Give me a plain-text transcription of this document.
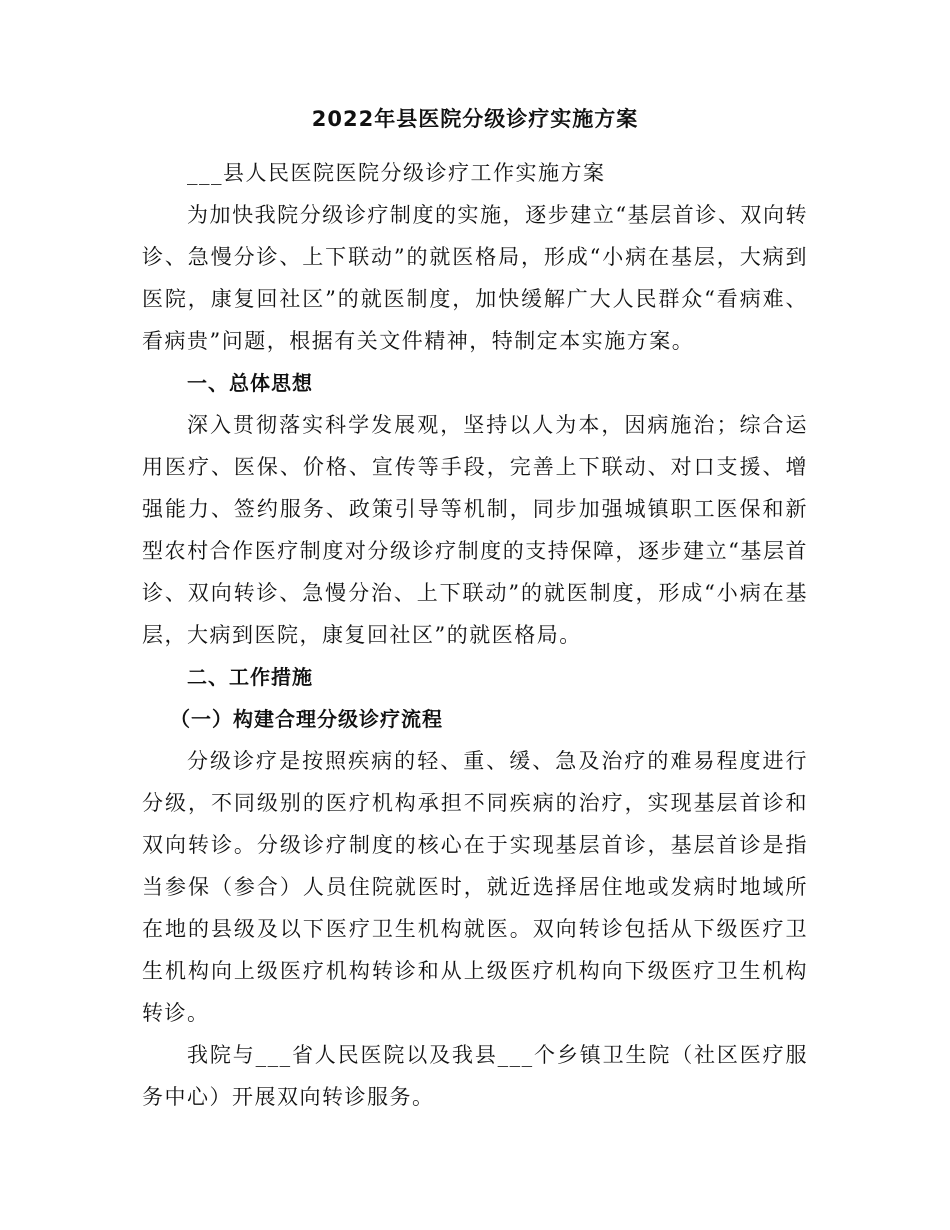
2022年县医院分级诊疗实施方案

___县人民医院医院分级诊疗工作实施方案

为加快我院分级诊疗制度的实施，逐步建立“基层首诊、双向转诊、急慢分诊、上下联动”的就医格局，形成“小病在基层，大病到医院，康复回社区”的就医制度，加快缓解广大人民群众“看病难、看病贵”问题，根据有关文件精神，特制定本实施方案。

一、总体思想

深入贯彻落实科学发展观，坚持以人为本，因病施治；综合运用医疗、医保、价格、宣传等手段，完善上下联动、对口支援、增强能力、签约服务、政策引导等机制，同步加强城镇职工医保和新型农村合作医疗制度对分级诊疗制度的支持保障，逐步建立“基层首诊、双向转诊、急慢分治、上下联动”的就医制度，形成“小病在基层，大病到医院，康复回社区”的就医格局。

二、工作措施

（一）构建合理分级诊疗流程

分级诊疗是按照疾病的轻、重、缓、急及治疗的难易程度进行分级，不同级别的医疗机构承担不同疾病的治疗，实现基层首诊和双向转诊。分级诊疗制度的核心在于实现基层首诊，基层首诊是指当参保（参合）人员住院就医时，就近选择居住地或发病时地域所在地的县级及以下医疗卫生机构就医。双向转诊包括从下级医疗卫生机构向上级医疗机构转诊和从上级医疗机构向下级医疗卫生机构转诊。

我院与___省人民医院以及我县___个乡镇卫生院（社区医疗服务中心）开展双向转诊服务。
